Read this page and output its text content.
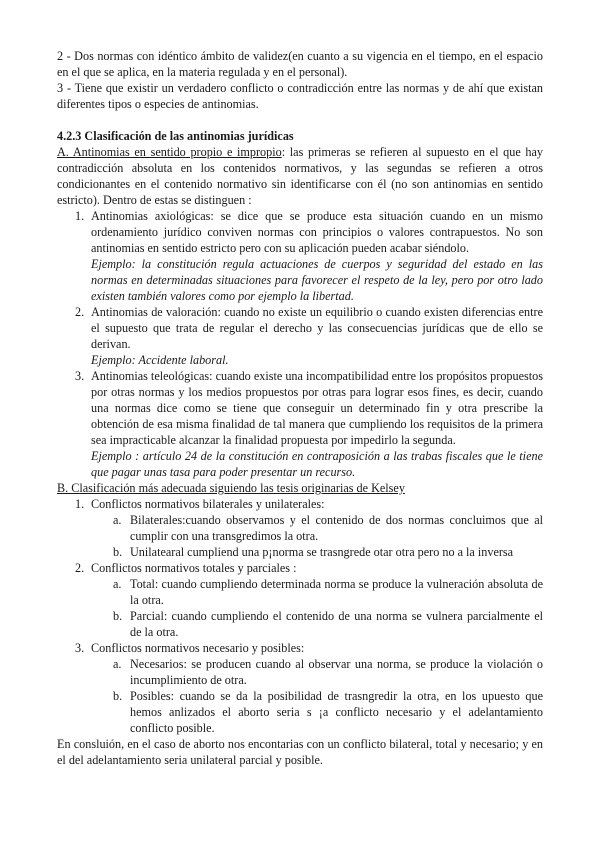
2 - Dos normas con idéntico ámbito de validez(en cuanto a su vigencia en el tiempo, en el espacio en el que se aplica, en la materia regulada y en el personal).

3 - Tiene que existir un verdadero conflicto o contradicción entre las normas y de ahí que existan diferentes tipos o especies de antinomias.

4.2.3 Clasificación de las antinomias jurídicas

A. Antinomias en sentido propio e impropio: las primeras se refieren al supuesto en el que hay contradicción absoluta en los contenidos normativos, y las segundas se refieren a otros condicionantes en el contenido normativo sin identificarse con él (no son antinomias en sentido estricto). Dentro de estas se distinguen :

1. Antinomias axiológicas: se dice que se produce esta situación cuando en un mismo ordenamiento jurídico conviven normas con principios o valores contrapuestos. No son antinomias en sentido estricto pero con su aplicación pueden acabar siéndolo.
Ejemplo: la constitución regula actuaciones de cuerpos y seguridad del estado en las normas en determinadas situaciones para favorecer el respeto de la ley, pero por otro lado existen también valores como por ejemplo la libertad.
2. Antinomias de valoración: cuando no existe un equilibrio o cuando existen diferencias entre el supuesto que trata de regular el derecho y las consecuencias jurídicas que de ello se derivan.
Ejemplo: Accidente laboral.
3. Antinomias teleológicas: cuando existe una incompatibilidad entre los propósitos propuestos por otras normas y los medios propuestos por otras para lograr esos fines, es decir, cuando una normas dice como se tiene que conseguir un determinado fin y otra prescribe la obtención de esa misma finalidad de tal manera que cumpliendo los requisitos de la primera sea impracticable alcanzar la finalidad propuesta por impedirlo la segunda.
Ejemplo : artículo 24 de la constitución en contraposición a las trabas fiscales que le tiene que pagar unas tasa para poder presentar un recurso.

B. Clasificación más adecuada siguiendo las tesis originarias de Kelsey

1. Conflictos normativos bilaterales y unilaterales:
a. Bilaterales:cuando observamos y el contenido de dos normas concluimos que al cumplir con una transgredimos la otra.
b. Unilatearal cumpliend una p¡norma se trasngrede otar otra pero no a la inversa
2. Conflictos normativos totales y parciales :
a. Total: cuando cumpliendo determinada norma se produce la vulneración absoluta de la otra.
b. Parcial: cuando cumpliendo el contenido de una norma se vulnera parcialmente el de la otra.
3. Conflictos normativos necesario y posibles:
a. Necesarios: se producen cuando al observar una norma, se produce la violación o incumplimiento de otra.
b. Posibles: cuando se da la posibilidad de trasngredir la otra, en los upuesto que hemos anlizados el aborto seria s ¡a conflicto necesario y el adelantamiento conflicto posible.

En consluión, en el caso de aborto nos encontarias con un conflicto bilateral, total y necesario; y en el del adelantamiento seria unilateral parcial y posible.
